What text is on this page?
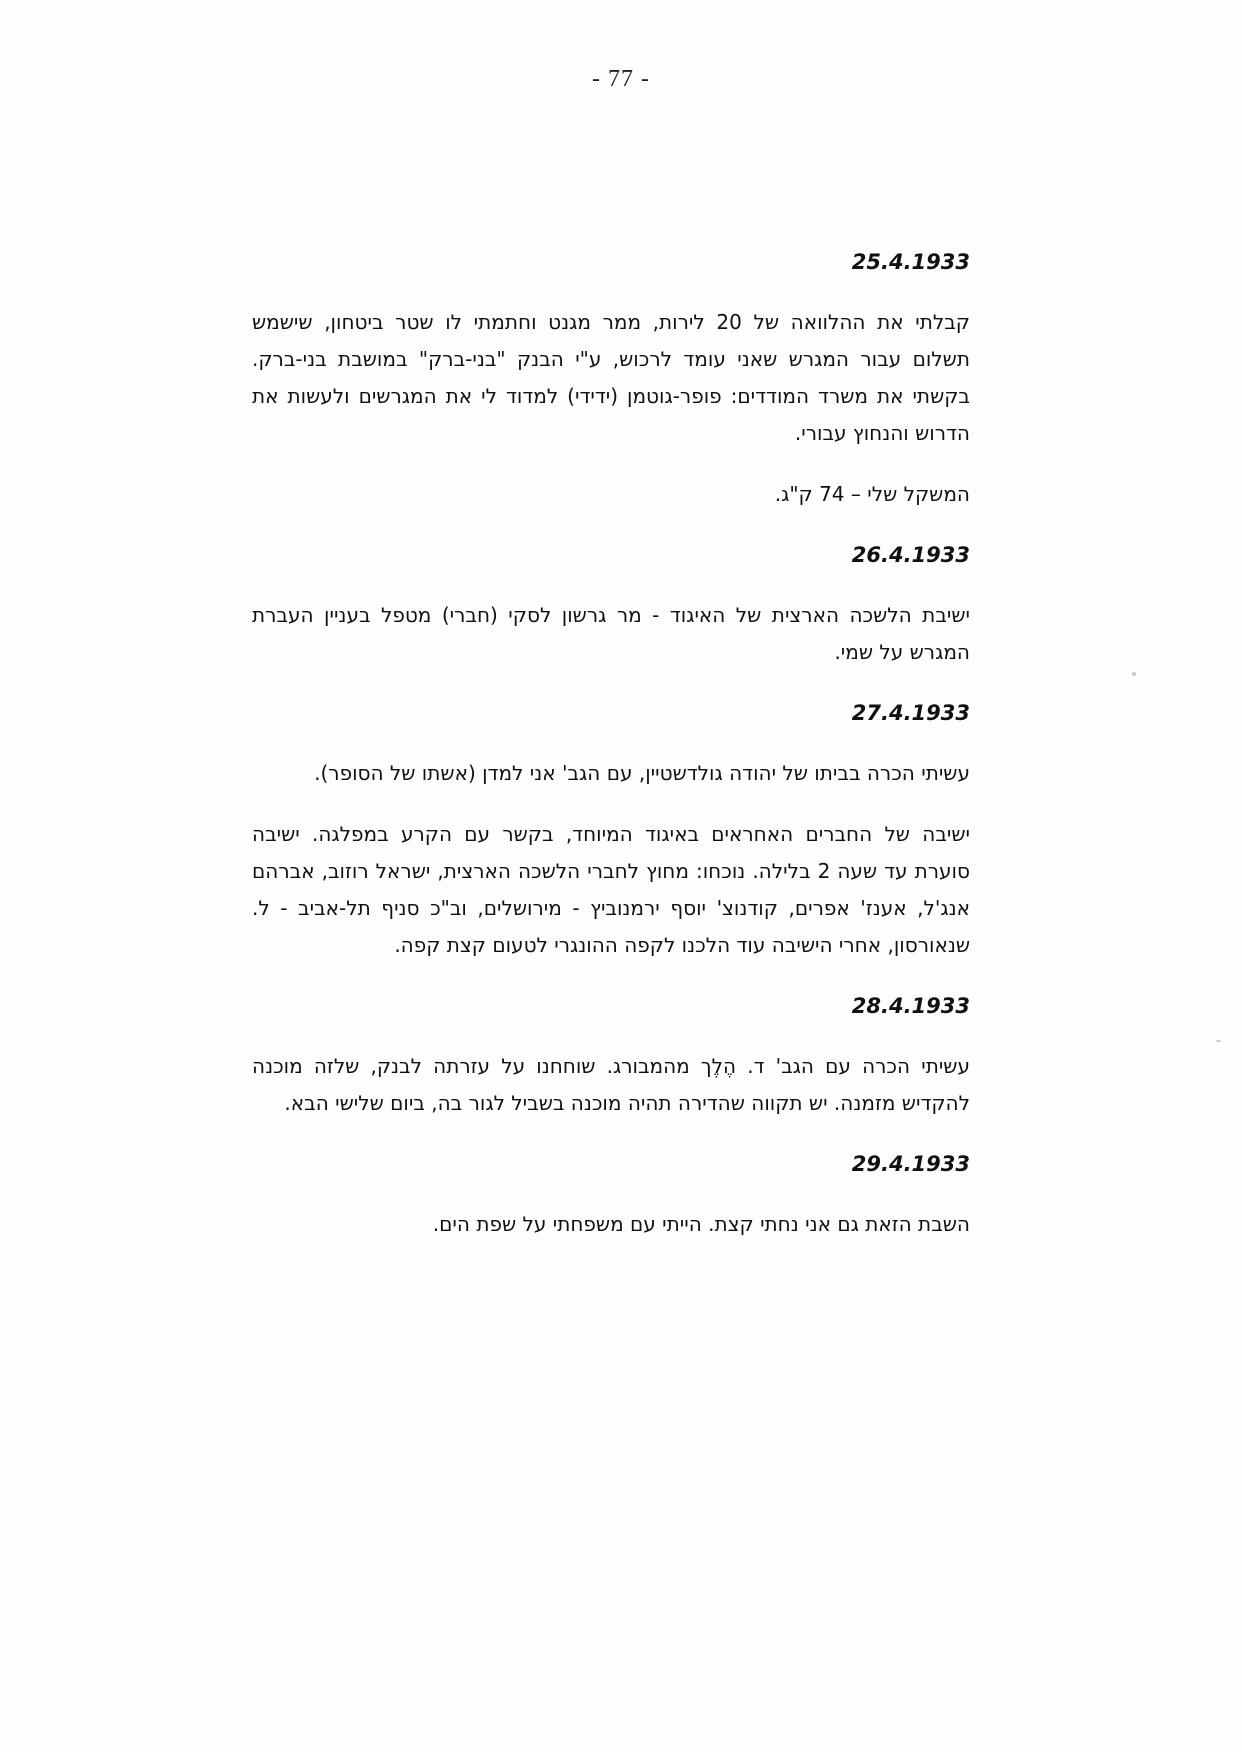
- 77 -

25.4.1933

קבלתי את ההלוואה של 20 לירות, ממר מגנט וחתמתי לו שטר ביטחון, שישמש תשלום עבור המגרש שאני עומד לרכוש, ע"י הבנק "בני-ברק" במושבת בני-ברק. בקשתי את משרד המודדים: פופר-גוטמן (ידידי) למדוד לי את המגרשים ולעשות את הדרוש והנחוץ עבורי.

המשקל שלי – 74 ק"ג.

26.4.1933

ישיבת הלשכה הארצית של האיגוד - מר גרשון לסקי (חברי) מטפל בעניין העברת המגרש על שמי.

27.4.1933

עשיתי הכרה בביתו של יהודה גולדשטיין, עם הגב' אני למדן (אשתו של הסופר).

ישיבה של החברים האחראים באיגוד המיוחד, בקשר עם הקרע במפלגה. ישיבה סוערת עד שעה 2 בלילה. נוכחו: מחוץ לחברי הלשכה הארצית, ישראל רוזוב, אברהם אנג'ל, אענז' אפרים, קודנוצ' יוסף ירמנוביץ - מירושלים, וב"כ סניף תל-אביב - ל. שנאורסון, אחרי הישיבה עוד הלכנו לקפה ההונגרי לטעום קצת קפה.

28.4.1933

עשיתי הכרה עם הגב' ד. הֶלֶך מהמבורג. שוחחנו על עזרתה לבנק, שלזה מוכנה להקדיש מזמנה. יש תקווה שהדירה תהיה מוכנה בשביל לגור בה, ביום שלישי הבא.

29.4.1933

השבת הזאת גם אני נחתי קצת. הייתי עם משפחתי על שפת הים.
